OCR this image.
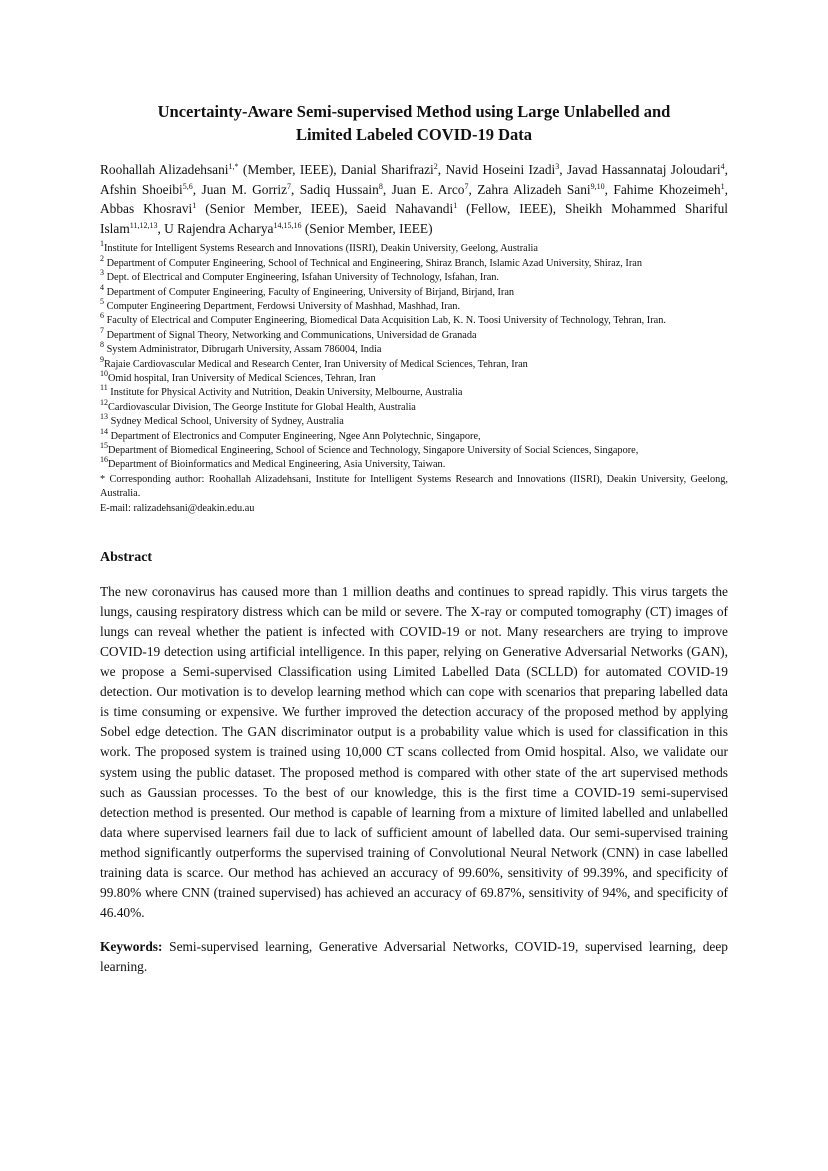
Uncertainty-Aware Semi-supervised Method using Large Unlabelled and
Limited Labeled COVID-19 Data
Roohallah Alizadehsani$^{1,*}$ (Member, IEEE), Danial Sharifrazi$^2$, Navid Hoseini Izadi$^3$, Javad Hassannataj Joloudari$^4$, Afshin Shoeibi$^{5,6}$, Juan M. Gorriz$^7$, Sadiq Hussain$^8$, Juan E. Arco$^7$, Zahra Alizadeh Sani$^{9,10}$, Fahime Khozeimeh$^1$, Abbas Khosravi$^1$ (Senior Member, IEEE), Saeid Nahavandi$^1$ (Fellow, IEEE), Sheikh Mohammed Shariful Islam$^{11,12,13}$, U Rajendra Acharya$^{14,15,16}$ (Senior Member, IEEE)

$^1$Institute for Intelligent Systems Research and Innovations (IISRI), Deakin University, Geelong, Australia

$^2$ Department of Computer Engineering, School of Technical and Engineering, Shiraz Branch, Islamic Azad University, Shiraz, Iran

$^3$ Dept. of Electrical and Computer Engineering, Isfahan University of Technology, Isfahan, Iran.

$^4$ Department of Computer Engineering, Faculty of Engineering, University of Birjand, Birjand, Iran

$^5$ Computer Engineering Department, Ferdowsi University of Mashhad, Mashhad, Iran.

$^6$ Faculty of Electrical and Computer Engineering, Biomedical Data Acquisition Lab, K. N. Toosi University of Technology, Tehran, Iran.

$^7$ Department of Signal Theory, Networking and Communications, Universidad de Granada

$^8$ System Administrator, Dibrugarh University, Assam 786004, India

$^9$Rajaie Cardiovascular Medical and Research Center, Iran University of Medical Sciences, Tehran, Iran

$^{10}$Omid hospital, Iran University of Medical Sciences, Tehran, Iran

$^{11}$ Institute for Physical Activity and Nutrition, Deakin University, Melbourne, Australia

$^{12}$Cardiovascular Division, The George Institute for Global Health, Australia

$^{13}$ Sydney Medical School, University of Sydney, Australia

$^{14}$ Department of Electronics and Computer Engineering, Ngee Ann Polytechnic, Singapore,

$^{15}$Department of Biomedical Engineering, School of Science and Technology, Singapore University of Social Sciences, Singapore,

$^{16}$Department of Bioinformatics and Medical Engineering, Asia University, Taiwan.

* Corresponding author: Roohallah Alizadehsani, Institute for Intelligent Systems Research and Innovations (IISRI), Deakin University, Geelong, Australia.

E-mail: ralizadehsani@deakin.edu.au

Abstract
The new coronavirus has caused more than 1 million deaths and continues to spread rapidly. This virus targets the lungs, causing respiratory distress which can be mild or severe. The X-ray or computed tomography (CT) images of lungs can reveal whether the patient is infected with COVID-19 or not. Many researchers are trying to improve COVID-19 detection using artificial intelligence. In this paper, relying on Generative Adversarial Networks (GAN), we propose a Semi-supervised Classification using Limited Labelled Data (SCLLD) for automated COVID-19 detection. Our motivation is to develop learning method which can cope with scenarios that preparing labelled data is time consuming or expensive. We further improved the detection accuracy of the proposed method by applying Sobel edge detection. The GAN discriminator output is a probability value which is used for classification in this work. The proposed system is trained using 10,000 CT scans collected from Omid hospital. Also, we validate our system using the public dataset. The proposed method is compared with other state of the art supervised methods such as Gaussian processes. To the best of our knowledge, this is the first time a COVID-19 semi-supervised detection method is presented. Our method is capable of learning from a mixture of limited labelled and unlabelled data where supervised learners fail due to lack of sufficient amount of labelled data. Our semi-supervised training method significantly outperforms the supervised training of Convolutional Neural Network (CNN) in case labelled training data is scarce. Our method has achieved an accuracy of 99.60%, sensitivity of 99.39%, and specificity of 99.80% where CNN (trained supervised) has achieved an accuracy of 69.87%, sensitivity of 94%, and specificity of 46.40%.
Keywords: Semi-supervised learning, Generative Adversarial Networks, COVID-19, supervised learning, deep learning.
